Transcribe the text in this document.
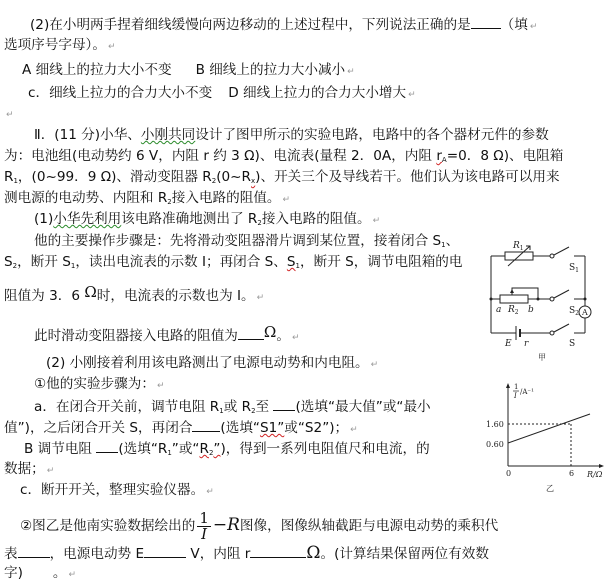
(2)在小明两手捏着细线缓慢向两边移动的上述过程中，下列说法正确的是 （填 ↵
选项序号字母）。 ↵
A 细线上的拉力大小不变 B 细线上的拉力大小减小 ↵
c．细线上拉力的合力大小不变 D 细线上拉力的合力大小增大 ↵
↵
Ⅱ．(11 分)小华、小刚共同设计了图甲所示的实验电路，电路中的各个器材元件的参数
为：电池组(电动势约 6 V，内阻 r 约 3 Ω)、电流表(量程 2．0A，内阻 $r_A=0$．8 Ω)、电阻箱
$R_1$，(0~99．9 Ω)、滑动变阻器 $R_2(0\sim R_x)$、开关三个及导线若干。他们认为该电路可以用来
测电源的电动势、内阻和 $R_2$接入电路的阻值。 ↵
(1)小华先利用该电路准确地测出了 $R_2$接入电路的阻值。 ↵
他的主要操作步骤是：先将滑动变阻器滑片调到某位置，接着闭合 $S_1$、
$S_2$，断开 $S_1$，读出电流表的示数 I；再闭合 S、$S_1$，断开 S，调节电阻箱的电
阻值为 3．6 Ω时，电流表的示数也为 I。 ↵
此时滑动变阻器接入电路的阻值为 Ω。 ↵
(2) 小刚接着利用该电路测出了电源电动势和内电阻。 ↵
①他的实验步骤为： ↵
a．在闭合开关前，调节电阻 $R_1$或 $R_2$至 (选填“最大值”或“最小
值”)，之后闭合开关 S，再闭合 (选填“S1”或“S2”)； ↵
B 调节电阻 (选填“$R_1$”或“$R_2$”)，得到一系列电阻值尺和电流，的
数据； ↵
c．断开开关，整理实验仪器。 ↵
②图乙是他南实验数据绘出的 $\frac{1}{I} -R$图像，图像纵轴截距与电源电动势的乘积代
表 ，电源电动势 E	V，内阻 r	Ω。(计算结果保留两位有效数
字) 。 ↵
$R_1$
a $R_2$ b
E r
$S_1$
$S_2$
S
A
甲
1
I /A⁻¹
1.60
0.60
0	6 R/Ω
乙
